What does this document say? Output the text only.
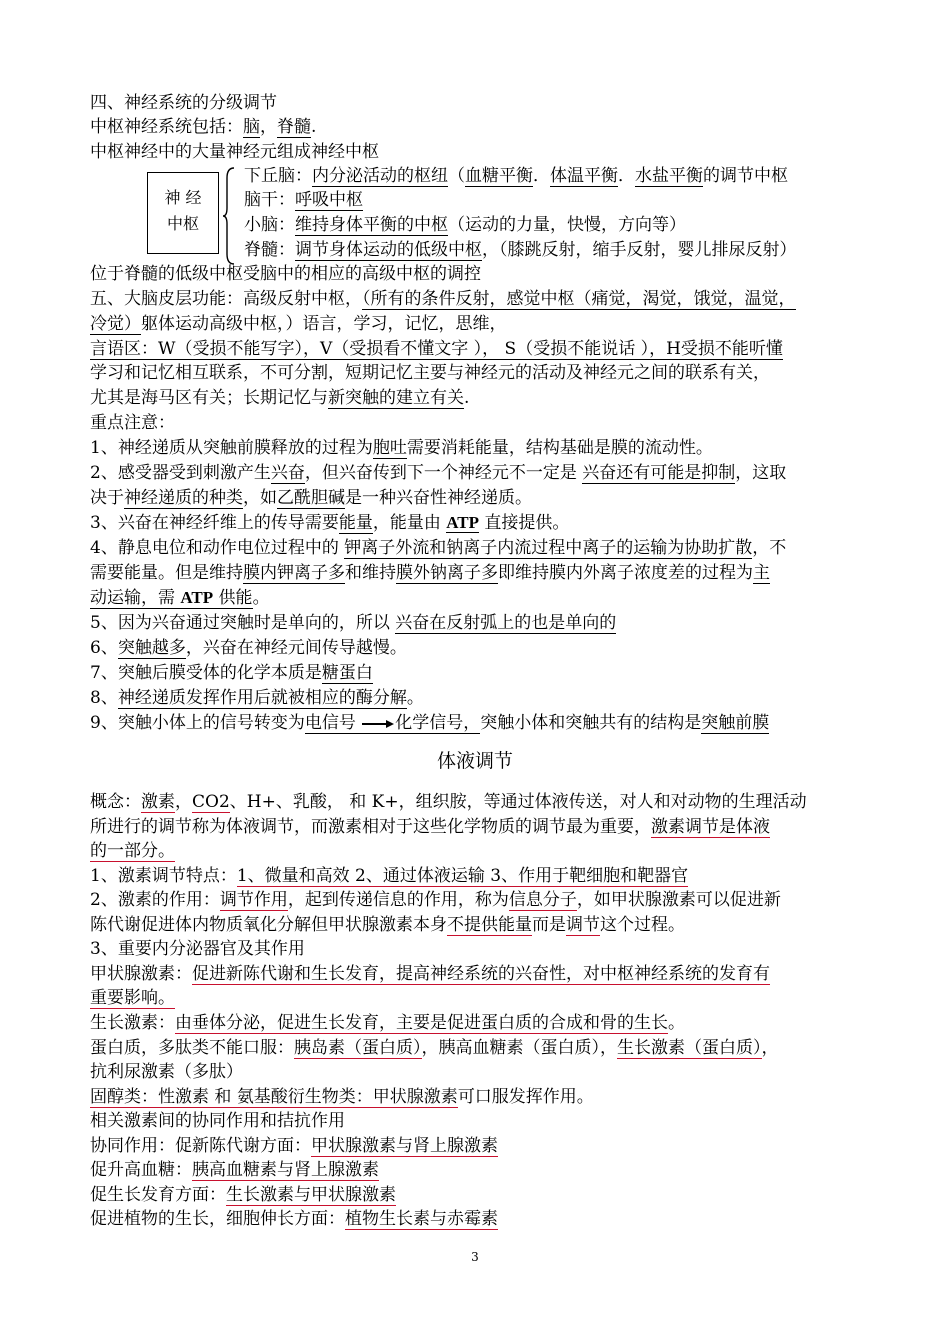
四、神经系统的分级调节
中枢神经系统包括：脑，脊髓.
中枢神经中的大量神经元组成神经中枢
神 经
中枢
下丘脑：内分泌活动的枢纽（血糖平衡．体温平衡．水盐平衡的调节中枢
脑干：呼吸中枢
小脑：维持身体平衡的中枢（运动的力量，快慢，方向等）
脊髓：调节身体运动的低级中枢，（膝跳反射，缩手反射，婴儿排尿反射）
位于脊髓的低级中枢受脑中的相应的高级中枢的调控
五、大脑皮层功能：高级反射中枢，（所有的条件反射，感觉中枢（痛觉，渴觉，饿觉，温觉，
冷觉）躯体运动高级中枢，）语言，学习，记忆，思维，
言语区：W（受损不能写字），V（受损看不懂文字 ）， S（受损不能说话 ），H受损不能听懂
学习和记忆相互联系，不可分割，短期记忆主要与神经元的活动及神经元之间的联系有关，
尤其是海马区有关；长期记忆与新突触的建立有关.
重点注意：
1、神经递质从突触前膜释放的过程为胞吐需要消耗能量，结构基础是膜的流动性。
2、感受器受到刺激产生兴奋，但兴奋传到下一个神经元不一定是 兴奋还有可能是抑制，这取
决于神经递质的种类，如乙酰胆碱是一种兴奋性神经递质。
3、兴奋在神经纤维上的传导需要能量，能量由 ATP 直接提供。
4、静息电位和动作电位过程中的 钾离子外流和钠离子内流过程中离子的运输为协助扩散，不
需要能量。但是维持膜内钾离子多和维持膜外钠离子多即维持膜内外离子浓度差的过程为主
动运输，需 ATP 供能。
5、因为兴奋通过突触时是单向的，所以 兴奋在反射弧上的也是单向的
6、突触越多，兴奋在神经元间传导越慢。
7、突触后膜受体的化学本质是糖蛋白
8、神经递质发挥作用后就被相应的酶分解。
9、突触小体上的信号转变为电信号 化学信号，突触小体和突触共有的结构是突触前膜
体液调节
概念：激素，CO2、H+、乳酸， 和 K+，组织胺，等通过体液传送，对人和对动物的生理活动
所进行的调节称为体液调节，而激素相对于这些化学物质的调节最为重要，激素调节是体液
的一部分。
1、激素调节特点：1、微量和高效 2、通过体液运输 3、作用于靶细胞和靶器官
2、激素的作用：调节作用，起到传递信息的作用，称为信息分子，如甲状腺激素可以促进新
陈代谢促进体内物质氧化分解但甲状腺激素本身不提供能量而是调节这个过程。
3、重要内分泌器官及其作用
甲状腺激素：促进新陈代谢和生长发育，提高神经系统的兴奋性，对中枢神经系统的发育有
重要影响。
生长激素：由垂体分泌，促进生长发育，主要是促进蛋白质的合成和骨的生长。
蛋白质，多肽类不能口服：胰岛素（蛋白质），胰高血糖素（蛋白质），生长激素（蛋白质），
抗利尿激素（多肽）
固醇类：性激素 和 氨基酸衍生物类：甲状腺激素可口服发挥作用。
相关激素间的协同作用和拮抗作用
协同作用：促新陈代谢方面：甲状腺激素与肾上腺激素
促升高血糖：胰高血糖素与肾上腺激素
促生长发育方面：生长激素与甲状腺激素
促进植物的生长，细胞伸长方面：植物生长素与赤霉素
3
